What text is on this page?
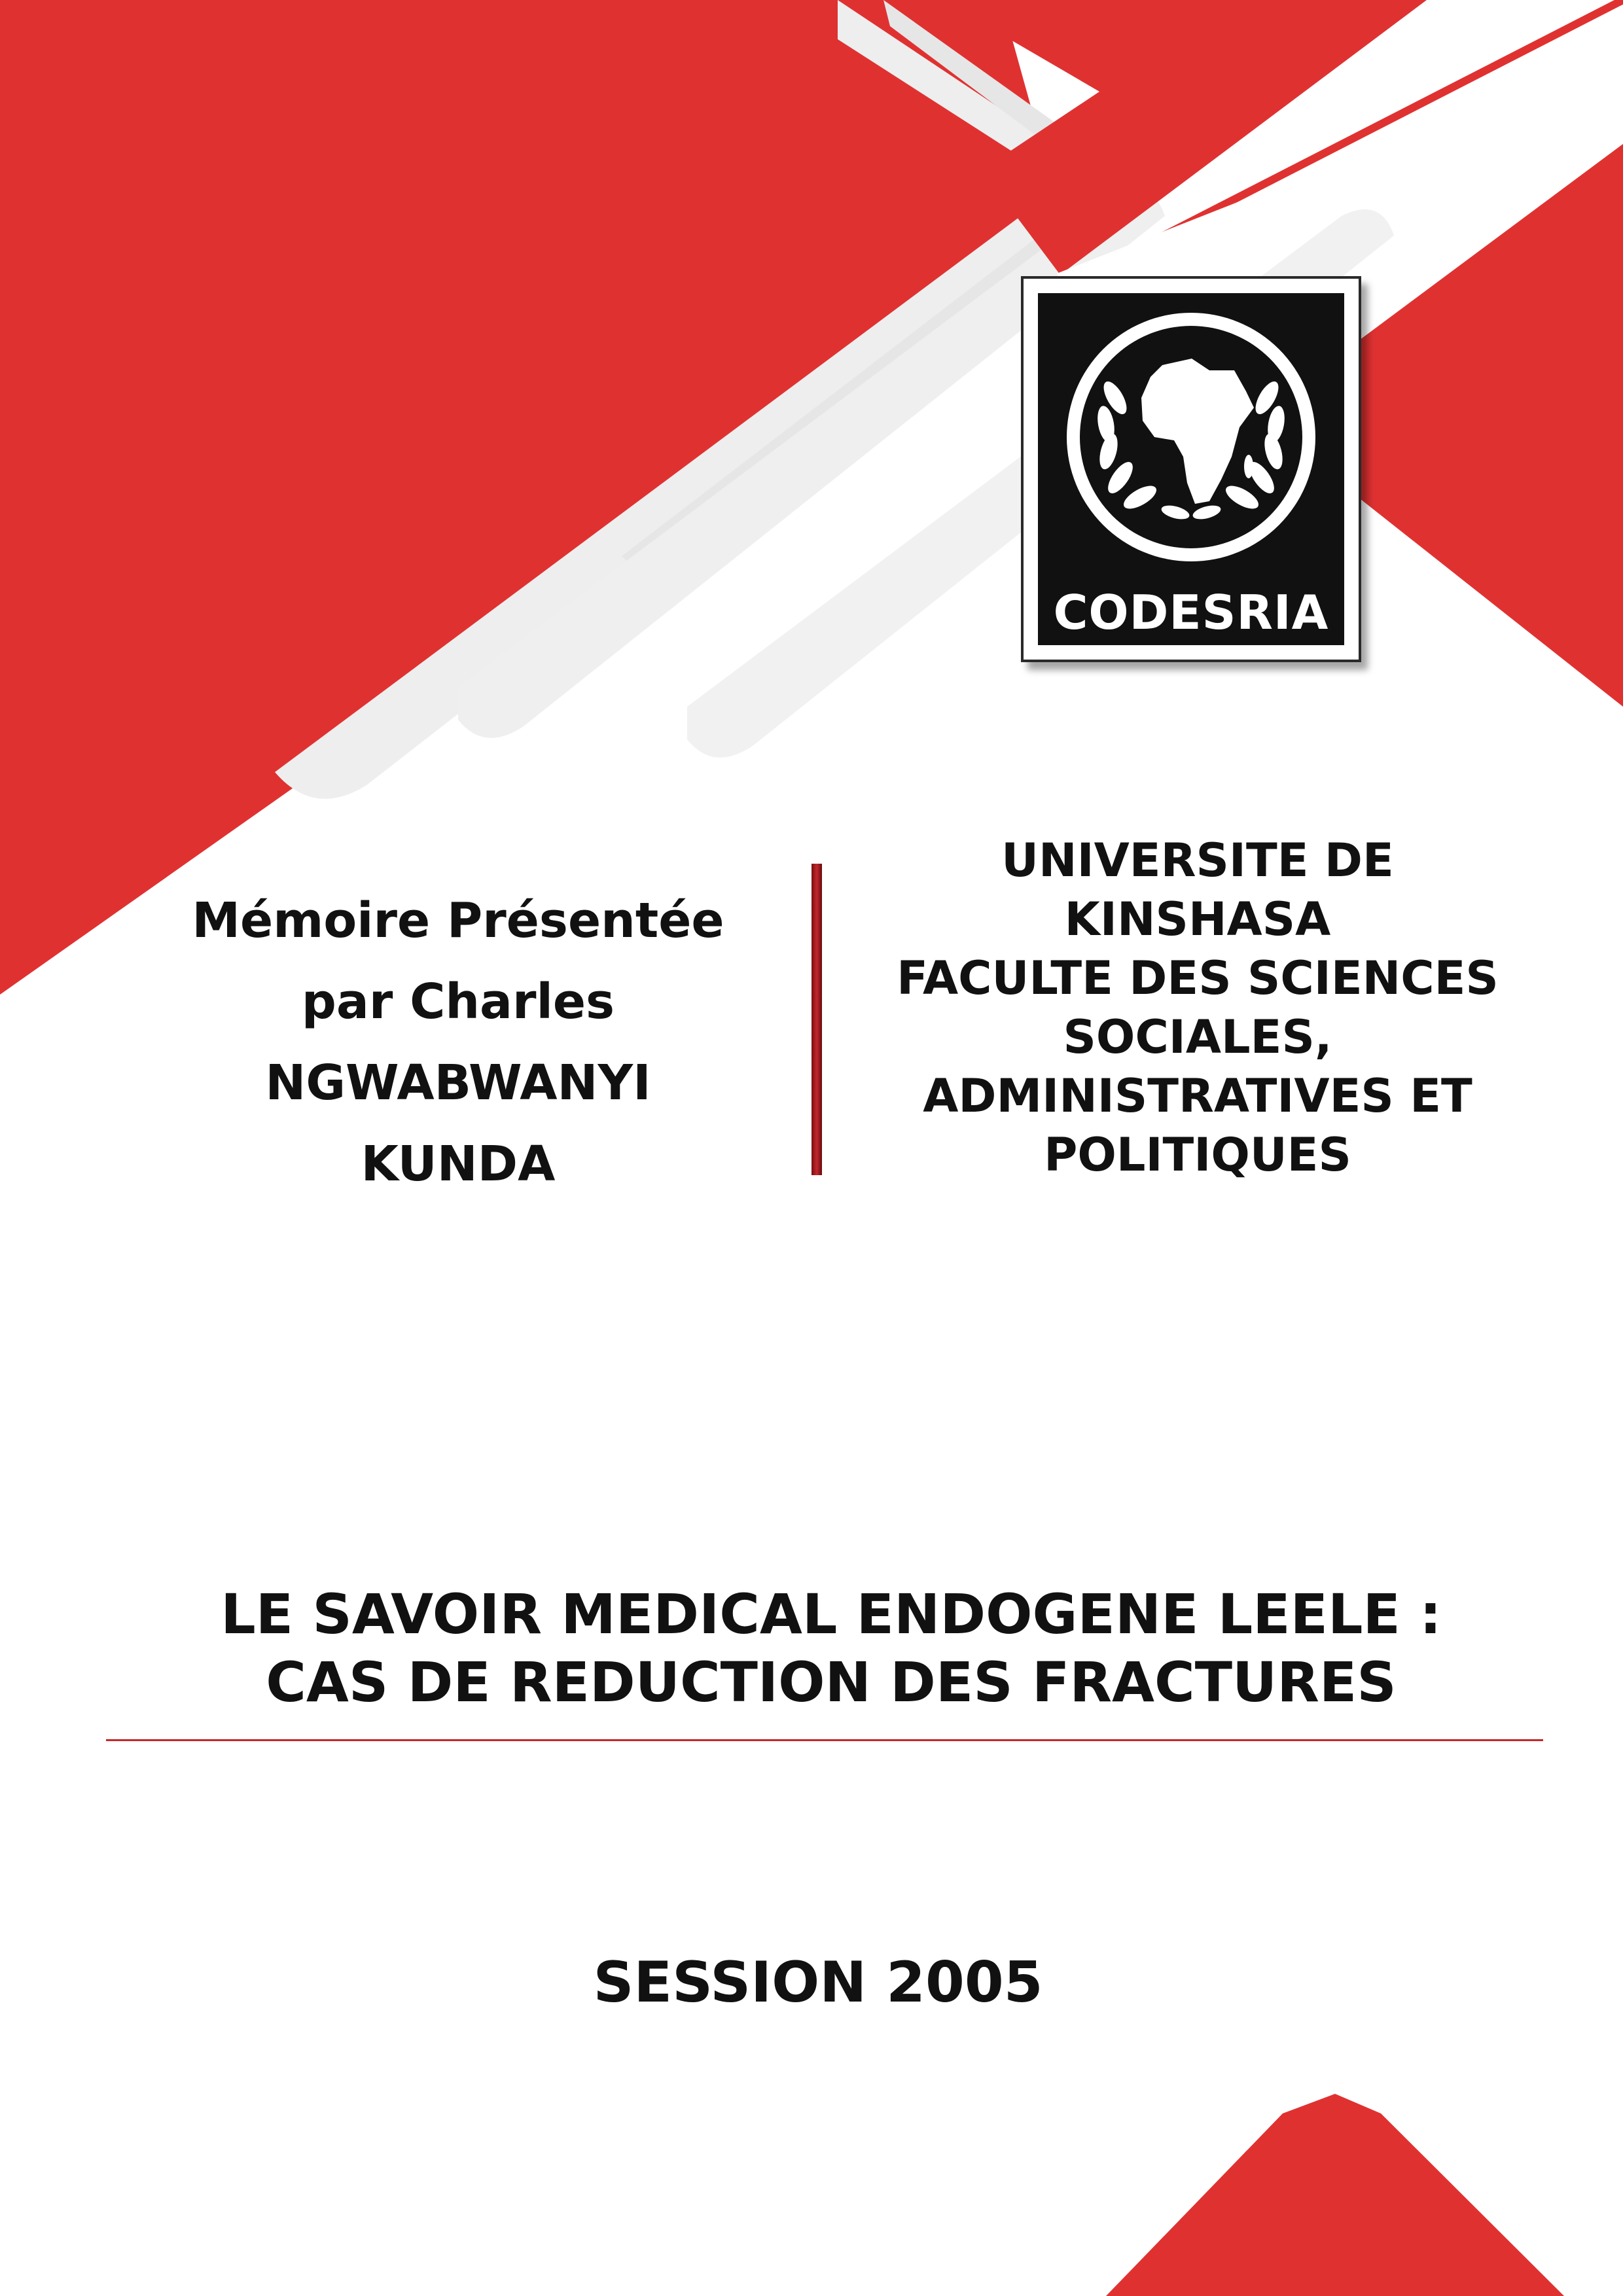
CODESRIA
Mémoire Présentée
par Charles
NGWABWANYI
KUNDA
UNIVERSITE DE
KINSHASA
FACULTE DES SCIENCES
SOCIALES,
ADMINISTRATIVES ET
POLITIQUES
LE SAVOIR MEDICAL ENDOGENE LEELE :
CAS DE REDUCTION DES FRACTURES
SESSION 2005
